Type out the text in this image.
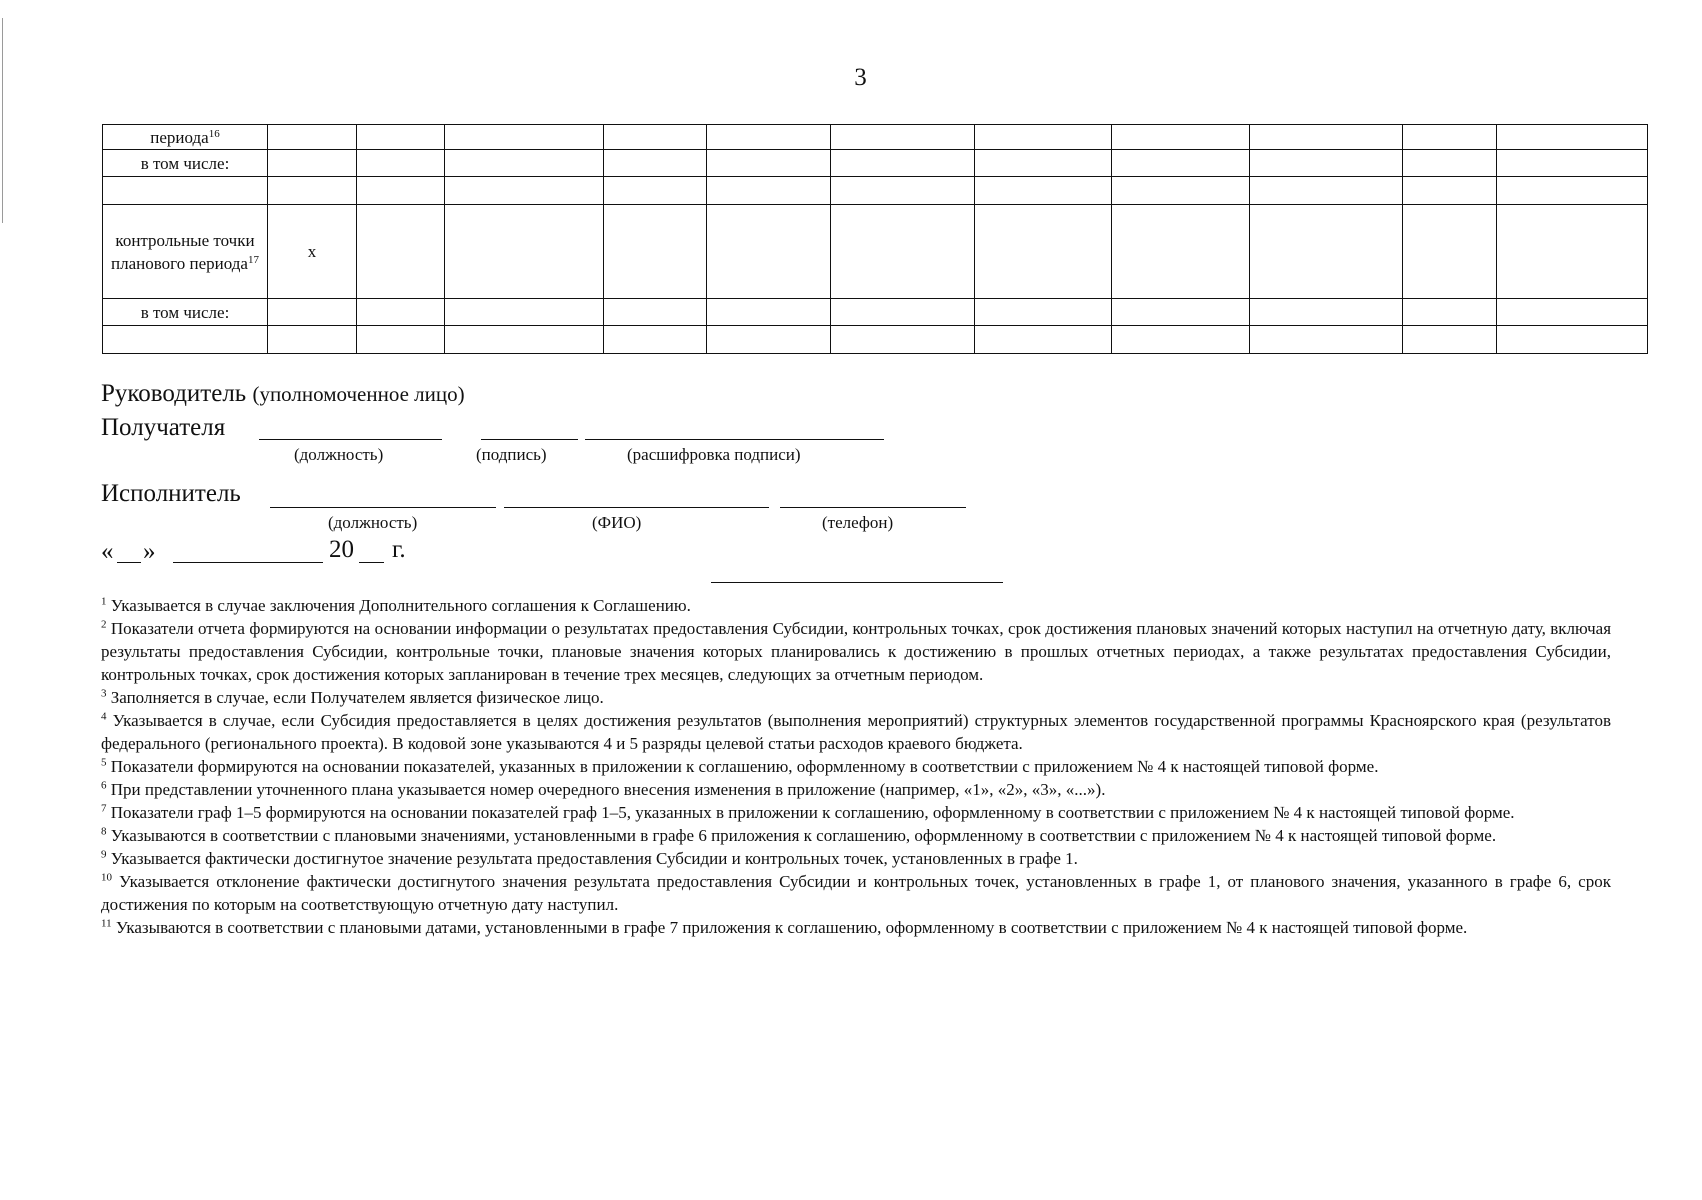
3
периода$^{16}$											
в том числе:											

контрольные точки планового периода$^{17}$	x										
в том числе:											

Руководитель (уполномоченное лицо)
Получателя
(должность)	(подпись)	(расшифровка подписи)
Исполнитель
(должность)	(ФИО)	(телефон)
« »	20 г.

$^1$ Указывается в случае заключения Дополнительного соглашения к Соглашению.

$^2$ Показатели отчета формируются на основании информации о результатах предоставления Субсидии, контрольных точках, срок достижения плановых значений которых наступил на отчетную дату, включая результаты предоставления Субсидии, контрольные точки, плановые значения которых планировались к достижению в прошлых отчетных периодах, а также результатах предоставления Субсидии, контрольных точках, срок достижения которых запланирован в течение трех месяцев, следующих за отчетным периодом.

$^3$ Заполняется в случае, если Получателем является физическое лицо.

$^4$ Указывается в случае, если Субсидия предоставляется в целях достижения результатов (выполнения мероприятий) структурных элементов государственной программы Красноярского края (результатов федерального (регионального проекта). В кодовой зоне указываются 4 и 5 разряды целевой статьи расходов краевого бюджета.

$^5$ Показатели формируются на основании показателей, указанных в приложении к соглашению, оформленному в соответствии с приложением № 4 к настоящей типовой форме.

$^6$ При представлении уточненного плана указывается номер очередного внесения изменения в приложение (например, «1», «2», «3», «...»).

$^7$ Показатели граф 1–5 формируются на основании показателей граф 1–5, указанных в приложении к соглашению, оформленному в соответствии с приложением № 4 к настоящей типовой форме.

$^8$ Указываются в соответствии с плановыми значениями, установленными в графе 6 приложения к соглашению, оформленному в соответствии с приложением № 4 к настоящей типовой форме.

$^9$ Указывается фактически достигнутое значение результата предоставления Субсидии и контрольных точек, установленных в графе 1.

$^{10}$ Указывается отклонение фактически достигнутого значения результата предоставления Субсидии и контрольных точек, установленных в графе 1, от планового значения, указанного в графе 6, срок достижения по которым на соответствующую отчетную дату наступил.

$^{11}$ Указываются в соответствии с плановыми датами, установленными в графе 7 приложения к соглашению, оформленному в соответствии с приложением № 4 к настоящей типовой форме.
